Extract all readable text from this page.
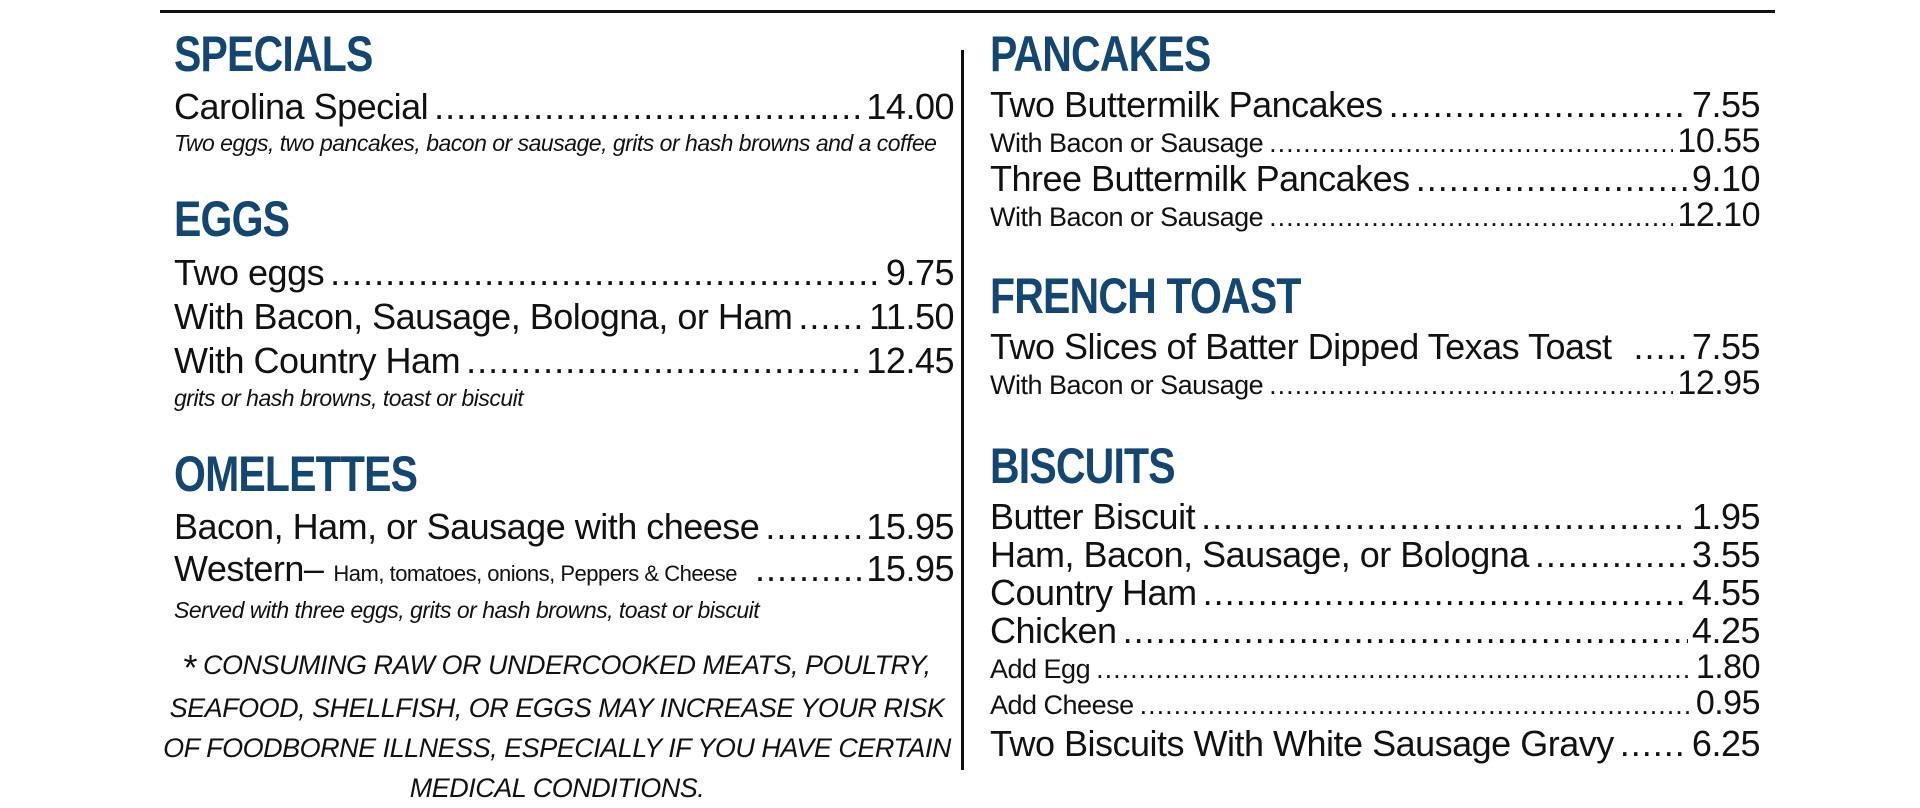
SPECIALS
Carolina Special .....	14.00
Two eggs, two pancakes, bacon or sausage, grits or hash browns and a coffee
EGGS
Two eggs .....	9.75
With Bacon, Sausage, Bologna, or Ham ..... 11.50
With Country Ham .....	12.45
grits or hash browns, toast or biscuit
OMELETTES
Bacon, Ham, or Sausage with cheese .....	15.95
Western– Ham, tomatoes, onions, Peppers & Cheese .....	15.95
Served with three eggs, grits or hash browns, toast or biscuit
* CONSUMING RAW OR UNDERCOOKED MEATS, POULTRY, SEAFOOD, SHELLFISH, OR EGGS MAY INCREASE YOUR RISK OF FOODBORNE ILLNESS, ESPECIALLY IF YOU HAVE CERTAIN MEDICAL CONDITIONS.
PANCAKES
Two Buttermilk Pancakes .....	7.55
With Bacon or Sausage .....	10.55
Three Buttermilk Pancakes .....	9.10
With Bacon or Sausage .....	12.10
FRENCH TOAST
Two Slices of Batter Dipped Texas Toast ..... 7.55
With Bacon or Sausage .....	12.95
BISCUITS
Butter Biscuit .....	1.95
Ham, Bacon, Sausage, or Bologna .....	3.55
Country Ham .....	4.55
Chicken .....	4.25
Add Egg .....	1.80
Add Cheese .....	0.95
Two Biscuits With White Sausage Gravy ..... 6.25
